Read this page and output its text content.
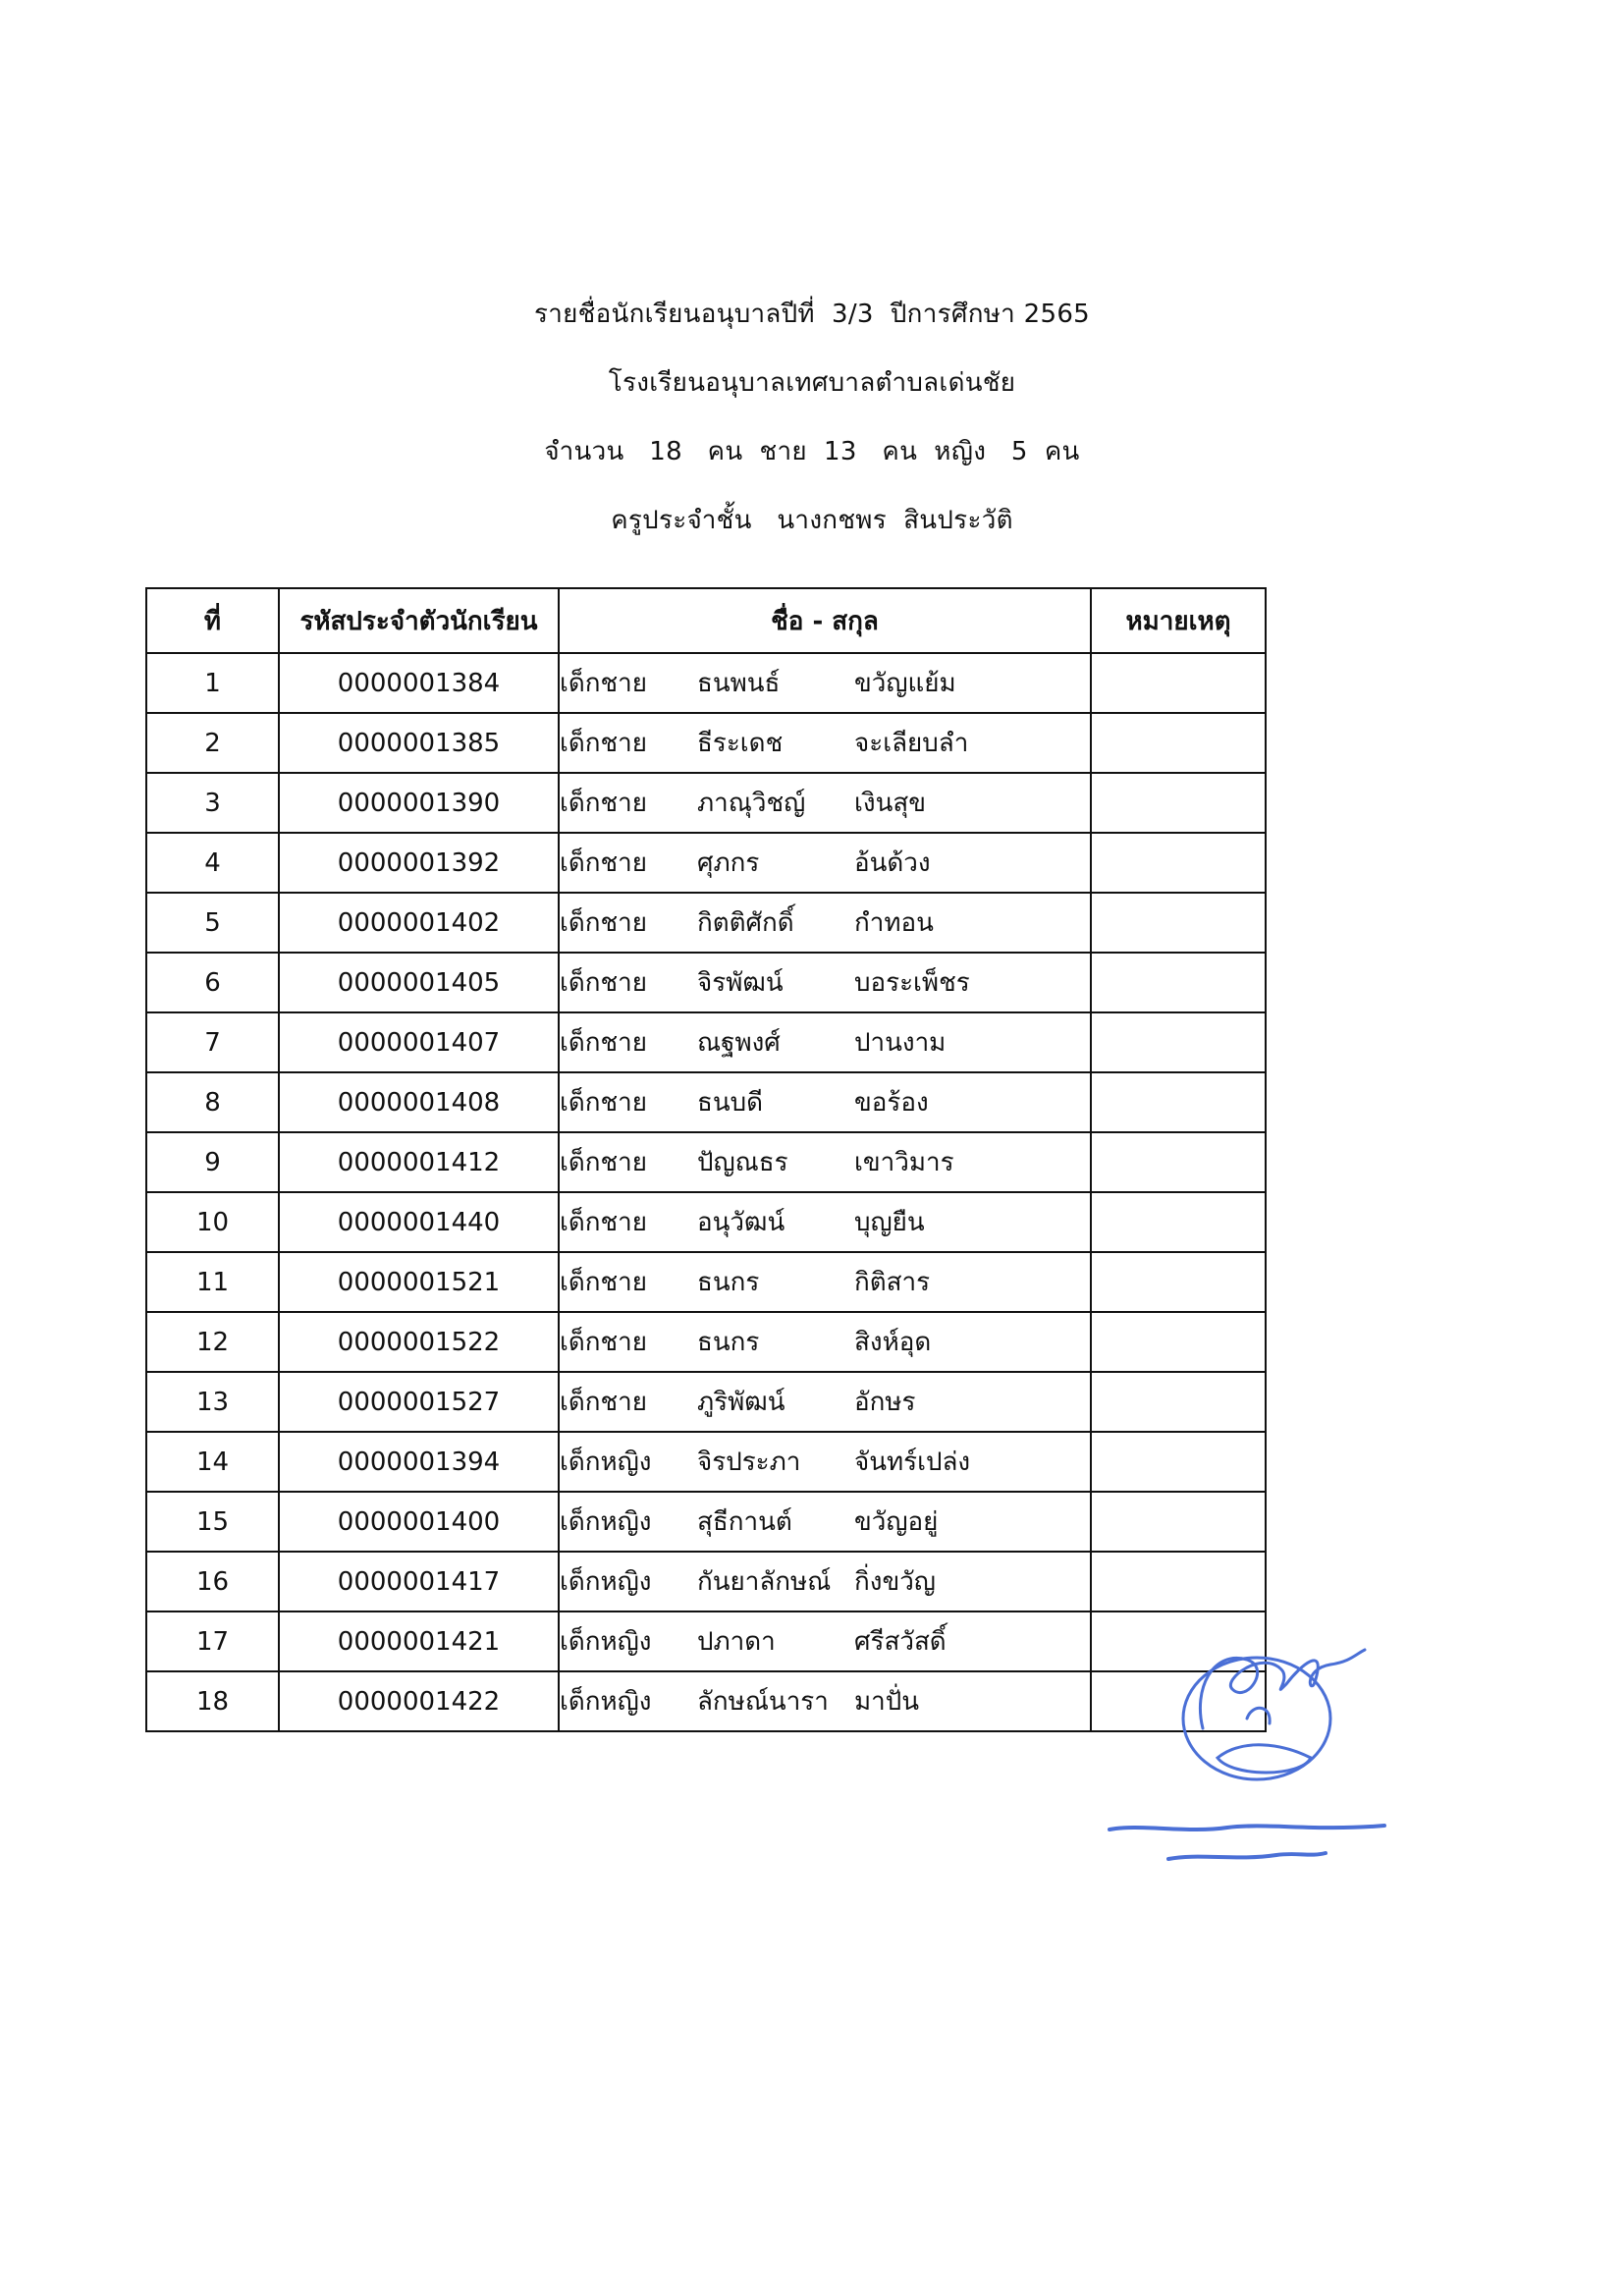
รายชื่อนักเรียนอนุบาลปีที่  3/3  ปีการศึกษา 2565
โรงเรียนอนุบาลเทศบาลตำบลเด่นชัย
จำนวน   18   คน  ชาย  13   คน  หญิง   5  คน
ครูประจำชั้น   นางกชพร  สินประวัติ
ที่	รหัสประจำตัวนักเรียน	ชื่อ - สกุล	หมายเหตุ
1	0000001384	เด็กชาย ธนพนธ์ ขวัญแย้ม	

2	0000001385	เด็กชาย ธีระเดช จะเลียบลำ	

3	0000001390	เด็กชาย ภาณุวิชญ์ เงินสุข	

4	0000001392	เด็กชาย ศุภกร อ้นด้วง	

5	0000001402	เด็กชาย กิตติศักดิ์ กำทอน	

6	0000001405	เด็กชาย จิรพัฒน์ บอระเพ็ชร	

7	0000001407	เด็กชาย ณฐพงศ์ ปานงาม	

8	0000001408	เด็กชาย ธนบดี ขอร้อง	

9	0000001412	เด็กชาย ปัญณธร เขาวิมาร	

10	0000001440	เด็กชาย อนุวัฒน์ บุญยืน	

11	0000001521	เด็กชาย ธนกร กิติสาร	

12	0000001522	เด็กชาย ธนกร สิงห์อุด	

13	0000001527	เด็กชาย ภูริพัฒน์ อักษร	

14	0000001394	เด็กหญิง จิรประภา จันทร์เปล่ง	

15	0000001400	เด็กหญิง สุธีกานต์ ขวัญอยู่	

16	0000001417	เด็กหญิง กันยาลักษณ์ กิ่งขวัญ	

17	0000001421	เด็กหญิง ปภาดา ศรีสวัสดิ์	

18	0000001422	เด็กหญิง ลักษณ์นารา มาปั่น	
